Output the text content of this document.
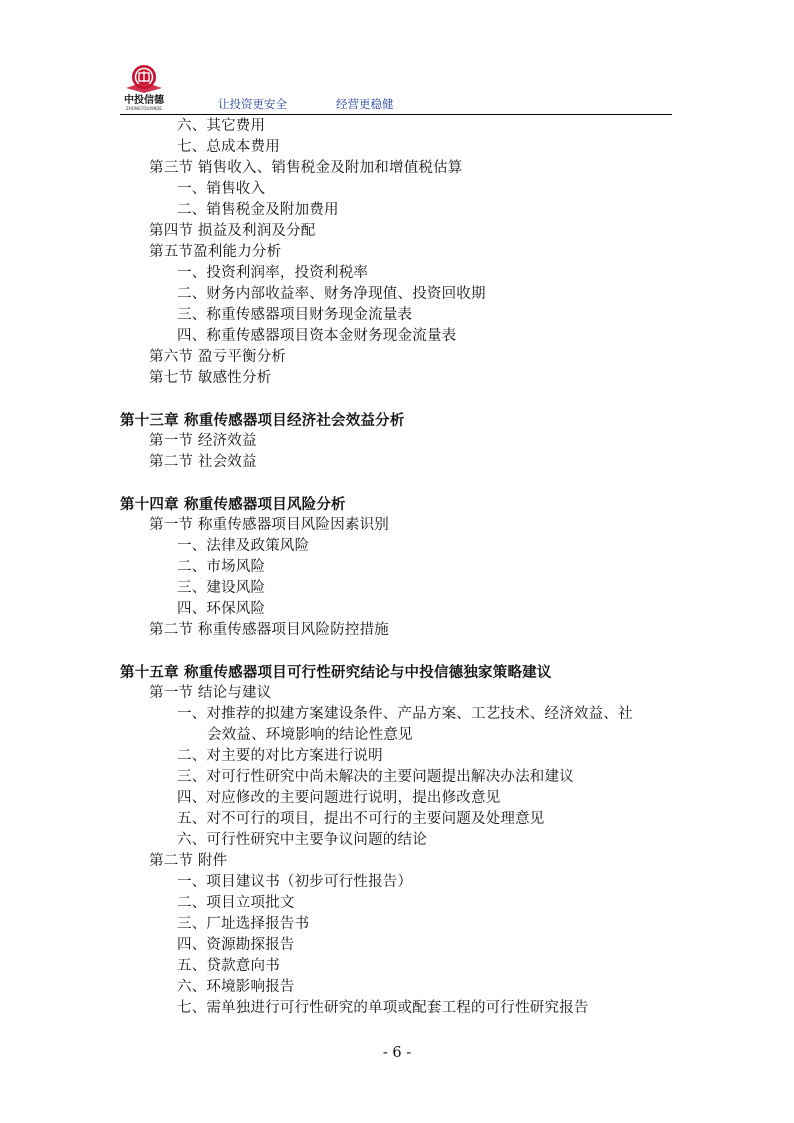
中投信德
ZHONGTOUXINDE	让投资更安全	经营更稳健
六、其它费用
七、总成本费用
第三节 销售收入、销售税金及附加和增值税估算
一、销售收入
二、销售税金及附加费用
第四节 损益及利润及分配
第五节盈利能力分析
一、投资利润率，投资利税率
二、财务内部收益率、财务净现值、投资回收期
三、称重传感器项目财务现金流量表
四、称重传感器项目资本金财务现金流量表
第六节 盈亏平衡分析
第七节 敏感性分析
第十三章 称重传感器项目经济社会效益分析
第一节 经济效益
第二节 社会效益
第十四章 称重传感器项目风险分析
第一节 称重传感器项目风险因素识别
一、法律及政策风险
二、市场风险
三、建设风险
四、环保风险
第二节 称重传感器项目风险防控措施
第十五章 称重传感器项目可行性研究结论与中投信德独家策略建议
第一节 结论与建议
一、对推荐的拟建方案建设条件、产品方案、工艺技术、经济效益、社
会效益、环境影响的结论性意见
二、对主要的对比方案进行说明
三、对可行性研究中尚未解决的主要问题提出解决办法和建议
四、对应修改的主要问题进行说明，提出修改意见
五、对不可行的项目，提出不可行的主要问题及处理意见
六、可行性研究中主要争议问题的结论
第二节 附件
一、项目建议书（初步可行性报告）
二、项目立项批文
三、厂址选择报告书
四、资源勘探报告
五、贷款意向书
六、环境影响报告
七、需单独进行可行性研究的单项或配套工程的可行性研究报告
- 6 -
